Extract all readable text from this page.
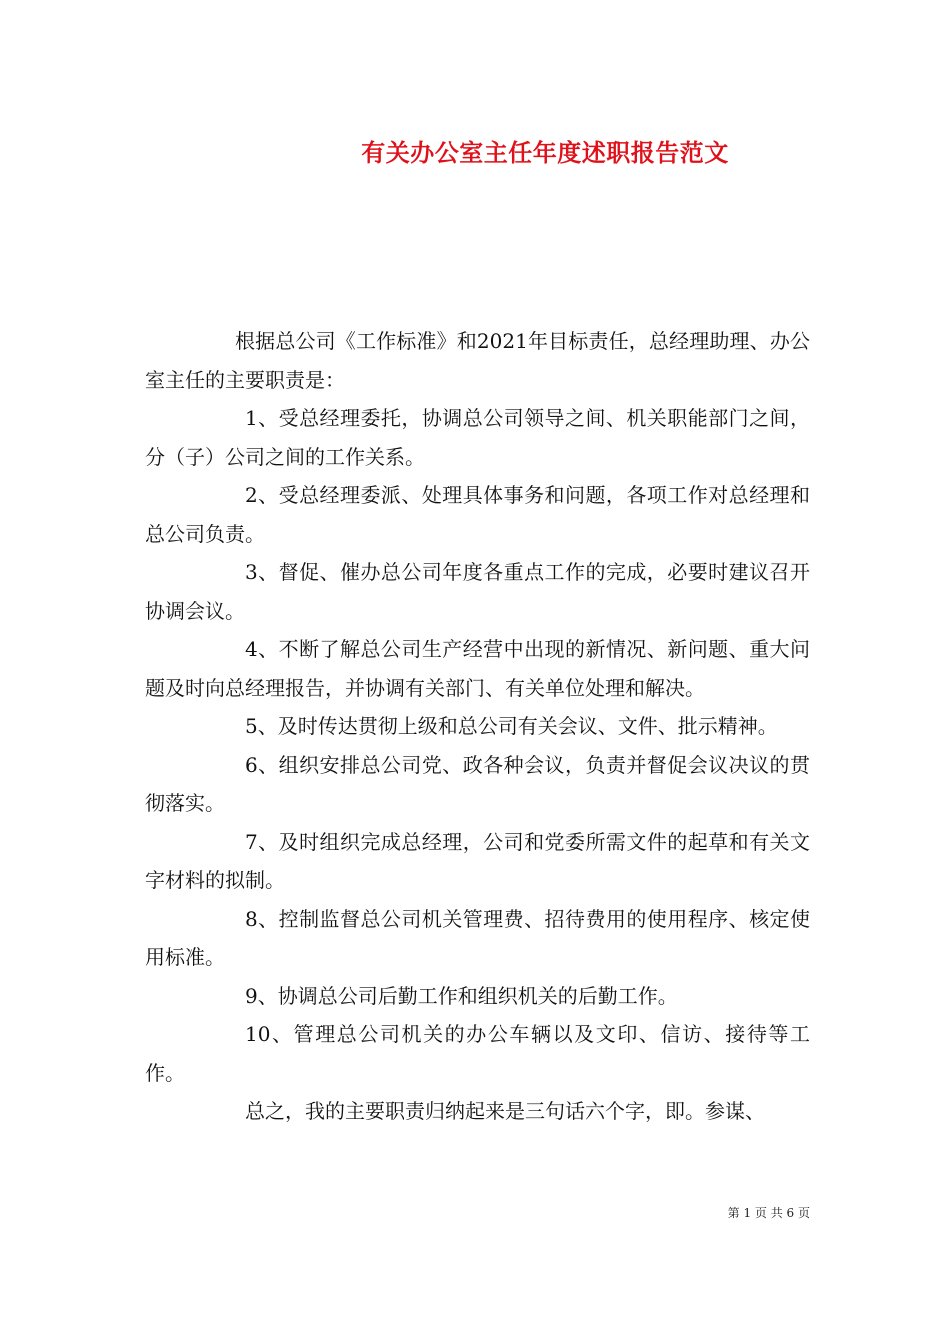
有关办公室主任年度述职报告范文

根据总公司《工作标准》和2021年目标责任，总经理助理、办公室主任的主要职责是：

1、受总经理委托，协调总公司领导之间、机关职能部门之间，分（子）公司之间的工作关系。

2、受总经理委派、处理具体事务和问题，各项工作对总经理和总公司负责。

3、督促、催办总公司年度各重点工作的完成，必要时建议召开协调会议。

4、不断了解总公司生产经营中出现的新情况、新问题、重大问题及时向总经理报告，并协调有关部门、有关单位处理和解决。

5、及时传达贯彻上级和总公司有关会议、文件、批示精神。

6、组织安排总公司党、政各种会议，负责并督促会议决议的贯彻落实。

7、及时组织完成总经理，公司和党委所需文件的起草和有关文字材料的拟制。

8、控制监督总公司机关管理费、招待费用的使用程序、核定使用标准。

9、协调总公司后勤工作和组织机关的后勤工作。

10、管理总公司机关的办公车辆以及文印、信访、接待等工作。

总之，我的主要职责归纳起来是三句话六个字，即。参谋、

第 1 页 共 6 页
